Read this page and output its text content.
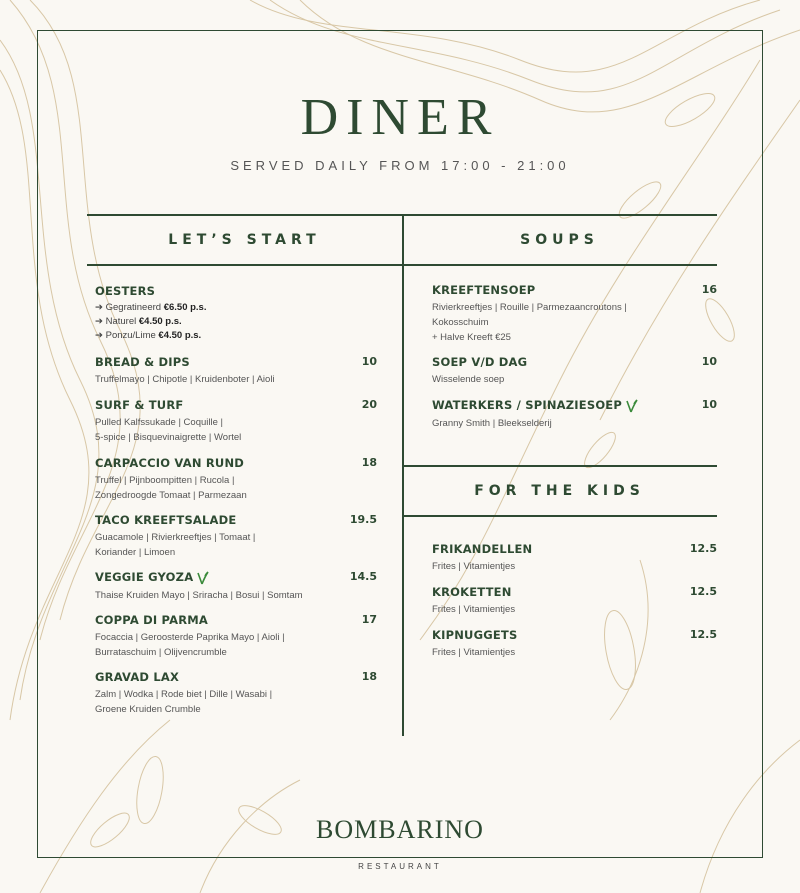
DINER
SERVED DAILY FROM 17:00 - 21:00
LET’S START	SOUPS
FOR THE KIDS
OESTERS
➔ Gegratineerd €6.50 p.s.
➔ Naturel €4.50 p.s.
➔ Ponzu/Lime €4.50 p.s.
BREAD & DIPS	10
Truffelmayo | Chipotle | Kruidenboter | Aioli
SURF & TURF	20
Pulled Kalfssukade | Coquille |
5-spice | Bisquevinaigrette | Wortel
CARPACCIO VAN RUND	18
Truffel | Pijnboompitten | Rucola |
Zongedroogde Tomaat | Parmezaan
TACO KREEFTSALADE	19.5
Guacamole | Rivierkreeftjes | Tomaat |
Koriander | Limoen
VEGGIE GYOZA	14.5
Thaise Kruiden Mayo | Sriracha | Bosui | Somtam
COPPA DI PARMA	17
Focaccia | Geroosterde Paprika Mayo | Aioli |
Burrataschuim | Olijvencrumble
GRAVAD LAX	18
Zalm | Wodka | Rode biet | Dille | Wasabi |
Groene Kruiden Crumble
KREEFTENSOEP	16
Rivierkreeftjes | Rouille | Parmezaancroutons |
Kokosschuim
+ Halve Kreeft €25
SOEP V/D DAG	10
Wisselende soep
WATERKERS / SPINAZIESOEP	10
Granny Smith | Bleekselderij
FRIKANDELLEN	12.5
Frites | Vitamientjes
KROKETTEN	12.5
Frites | Vitamientjes
KIPNUGGETS	12.5
Frites | Vitamientjes
BOMBARINO
RESTAURANT
